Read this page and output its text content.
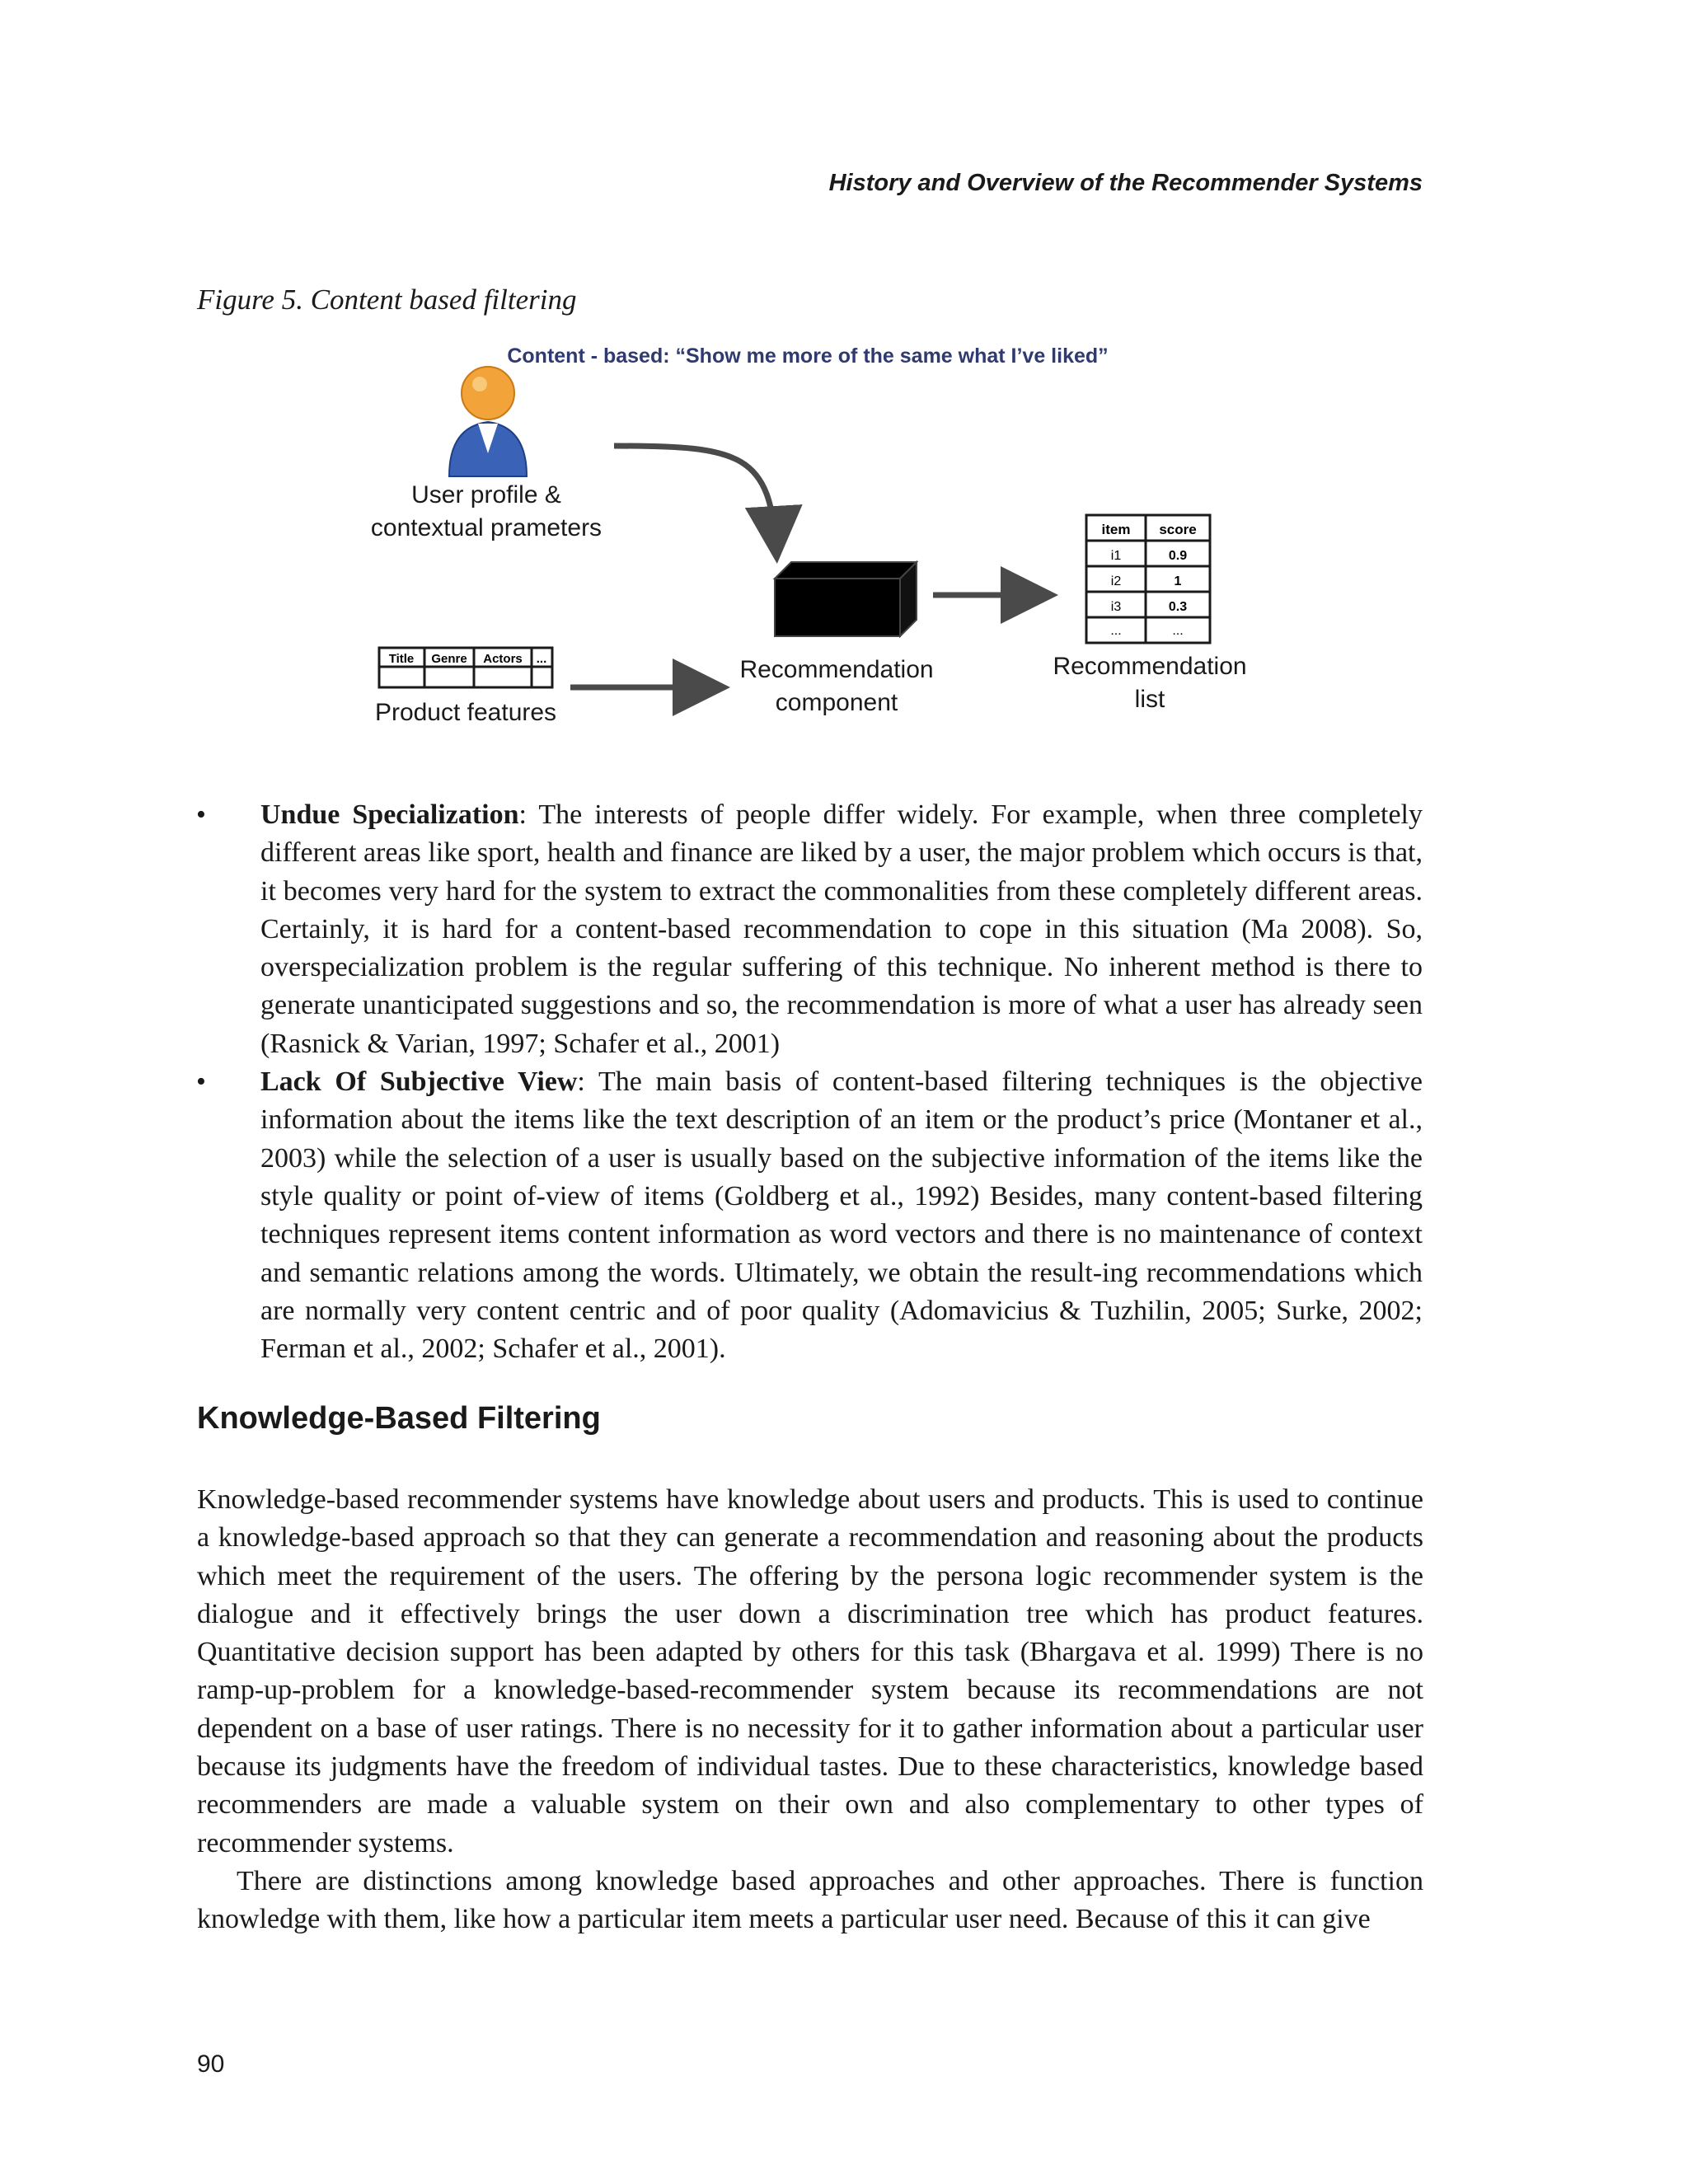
History and Overview of the Recommender Systems
Figure 5. Content based filtering
Content - based: “Show me more of the same what I’ve liked”
User profile &
contextual prameters
Title Genre Actors ...
Product features
Recommendation
component
item score
i1	0.9
i2	1
i3	0.3
...	...
Recommendation
list
• Undue Specialization: The interests of people differ widely. For example, when three completely different areas like sport, health and finance are liked by a user, the major problem which occurs is that, it becomes very hard for the system to extract the commonalities from these completely different areas. Certainly, it is hard for a content-based recommendation to cope in this situation (Ma 2008). So, overspecialization problem is the regular suffering of this technique. No inherent method is there to generate unanticipated suggestions and so, the recommendation is more of what a user has already seen (Rasnick & Varian, 1997; Schafer et al., 2001)
• Lack Of Subjective View: The main basis of content-based filtering techniques is the objective information about the items like the text description of an item or the product’s price (Montaner et al., 2003) while the selection of a user is usually based on the subjective information of the items like the style quality or point of-view of items (Goldberg et al., 1992) Besides, many content-based filtering techniques represent items content information as word vectors and there is no maintenance of context and semantic relations among the words. Ultimately, we obtain the result-ing recommendations which are normally very content centric and of poor quality (Adomavicius & Tuzhilin, 2005; Surke, 2002; Ferman et al., 2002; Schafer et al., 2001).
Knowledge-Based Filtering

Knowledge-based recommender systems have knowledge about users and products. This is used to continue a knowledge-based approach so that they can generate a recommendation and reasoning about the products which meet the requirement of the users. The offering by the persona logic recommender system is the dialogue and it effectively brings the user down a discrimination tree which has product features. Quantitative decision support has been adapted by others for this task (Bhargava et al. 1999) There is no ramp-up-problem for a knowledge-based-recommender system because its recommendations are not dependent on a base of user ratings. There is no necessity for it to gather information about a particular user because its judgments have the freedom of individual tastes. Due to these characteristics, knowledge based recommenders are made a valuable system on their own and also complementary to other types of recommender systems.

There are distinctions among knowledge based approaches and other approaches. There is function knowledge with them, like how a particular item meets a particular user need. Because of this it can give

90
